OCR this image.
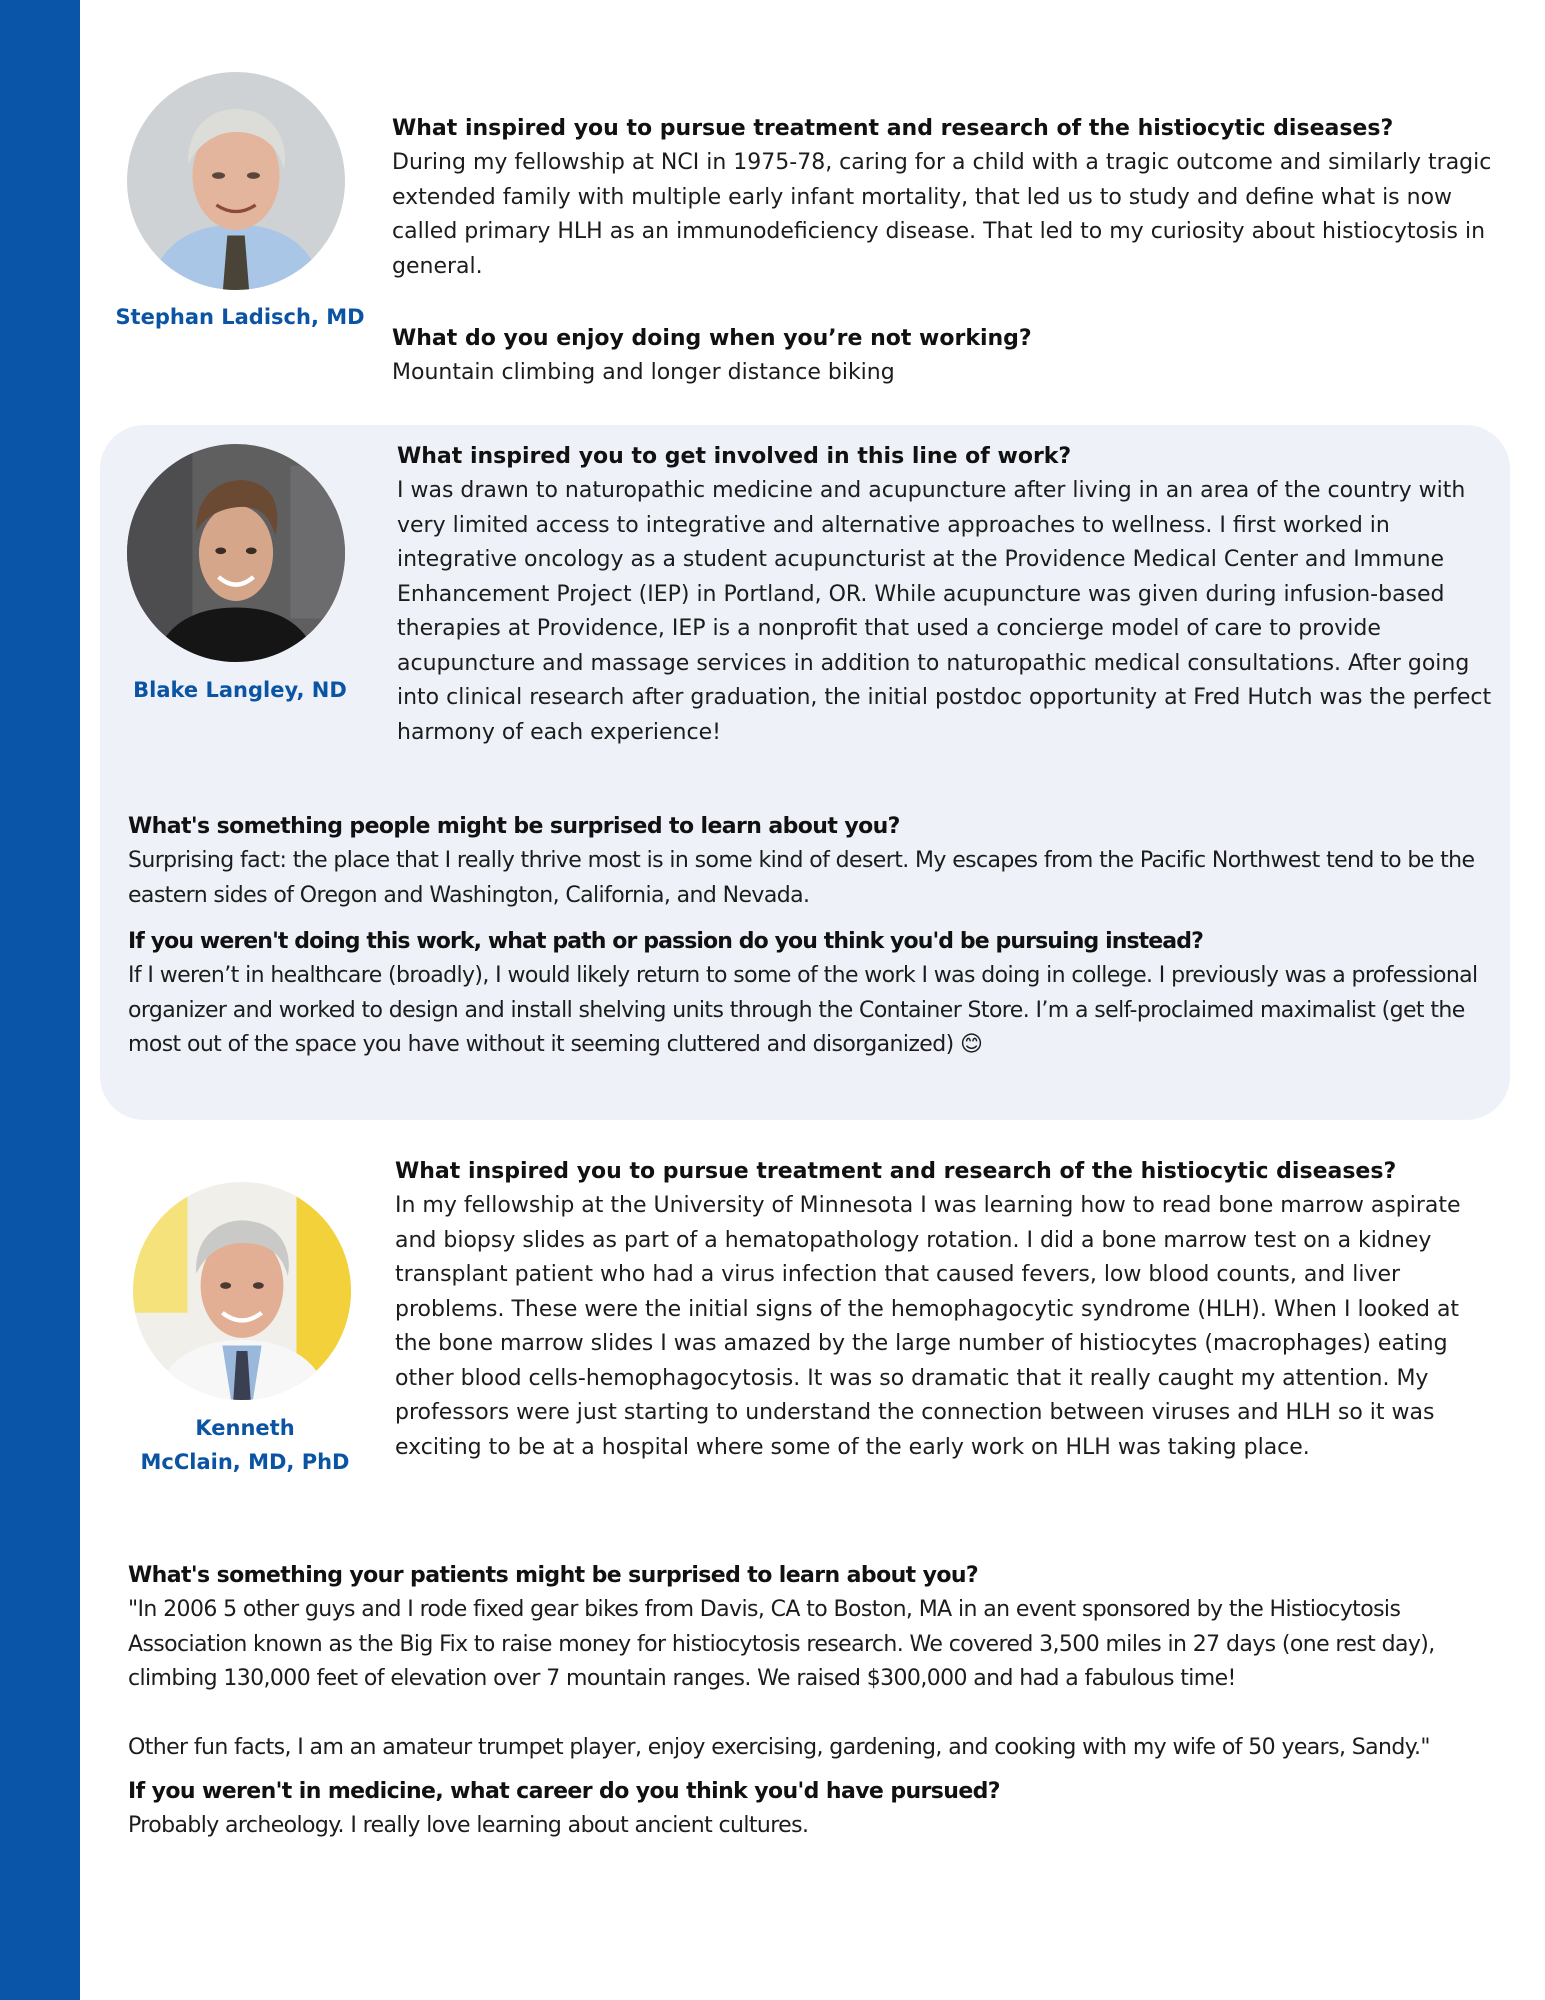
Stephan Ladisch, MD

What inspired you to pursue treatment and research of the histiocytic diseases?

During my fellowship at NCI in 1975-78, caring for a child with a tragic outcome and similarly tragic extended family with multiple early infant mortality, that led us to study and define what is now called primary HLH as an immunodeficiency disease. That led to my curiosity about histiocytosis in general.

What do you enjoy doing when you’re not working?

Mountain climbing and longer distance biking

Blake Langley, ND

What inspired you to get involved in this line of work?

I was drawn to naturopathic medicine and acupuncture after living in an area of the country with very limited access to integrative and alternative approaches to wellness. I first worked in integrative oncology as a student acupuncturist at the Providence Medical Center and Immune Enhancement Project (IEP) in Portland, OR. While acupuncture was given during infusion-based therapies at Providence, IEP is a nonprofit that used a concierge model of care to provide acupuncture and massage services in addition to naturopathic medical consultations. After going into clinical research after graduation, the initial postdoc opportunity at Fred Hutch was the perfect harmony of each experience!

What's something people might be surprised to learn about you?

Surprising fact: the place that I really thrive most is in some kind of desert. My escapes from the Pacific Northwest tend to be the eastern sides of Oregon and Washington, California, and Nevada.

If you weren't doing this work, what path or passion do you think you'd be pursuing instead?

If I weren’t in healthcare (broadly), I would likely return to some of the work I was doing in college. I previously was a professional organizer and worked to design and install shelving units through the Container Store. I’m a self-proclaimed maximalist (get the most out of the space you have without it seeming cluttered and disorganized) 😊

Kenneth
McClain, MD, PhD

What inspired you to pursue treatment and research of the histiocytic diseases?

In my fellowship at the University of Minnesota I was learning how to read bone marrow aspirate and biopsy slides as part of a hematopathology rotation. I did a bone marrow test on a kidney transplant patient who had a virus infection that caused fevers, low blood counts, and liver problems. These were the initial signs of the hemophagocytic syndrome (HLH). When I looked at the bone marrow slides I was amazed by the large number of histiocytes (macrophages) eating other blood cells-hemophagocytosis. It was so dramatic that it really caught my attention. My professors were just starting to understand the connection between viruses and HLH so it was exciting to be at a hospital where some of the early work on HLH was taking place.

What's something your patients might be surprised to learn about you?

"In 2006 5 other guys and I rode fixed gear bikes from Davis, CA to Boston, MA in an event sponsored by the Histiocytosis Association known as the Big Fix to raise money for histiocytosis research. We covered 3,500 miles in 27 days (one rest day), climbing 130,000 feet of elevation over 7 mountain ranges. We raised $300,000 and had a fabulous time!

Other fun facts, I am an amateur trumpet player, enjoy exercising, gardening, and cooking with my wife of 50 years, Sandy."

If you weren't in medicine, what career do you think you'd have pursued?

Probably archeology. I really love learning about ancient cultures.
